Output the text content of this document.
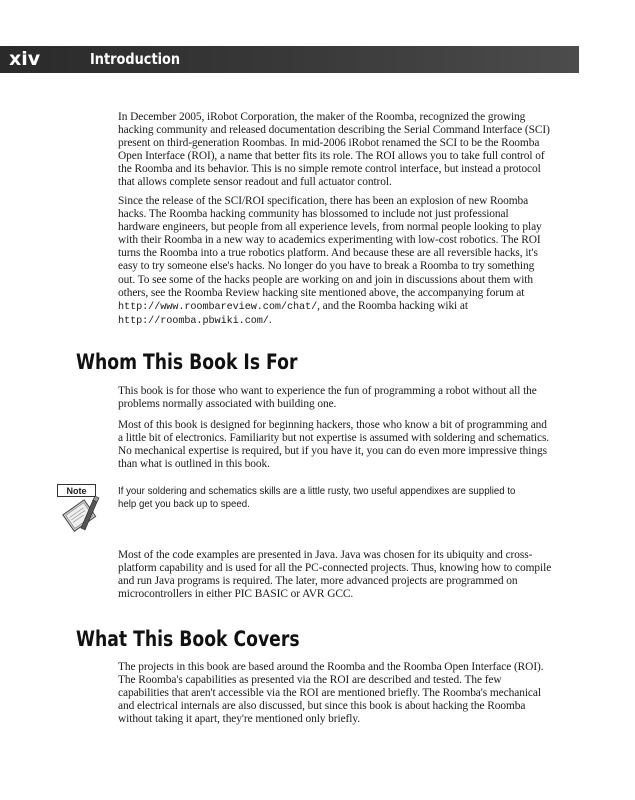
xiv	Introduction

In December 2005, iRobot Corporation, the maker of the Roomba, recognized the growing hacking community and released documentation describing the Serial Command Interface (SCI) present on third-generation Roombas. In mid-2006 iRobot renamed the SCI to be the Roomba Open Interface (ROI), a name that better fits its role. The ROI allows you to take full control of the Roomba and its behavior. This is no simple remote control interface, but instead a protocol that allows complete sensor readout and full actuator control.

Since the release of the SCI/ROI specification, there has been an explosion of new Roomba hacks. The Roomba hacking community has blossomed to include not just professional hardware engineers, but people from all experience levels, from normal people looking to play with their Roomba in a new way to academics experimenting with low-cost robotics. The ROI turns the Roomba into a true robotics platform. And because these are all reversible hacks, it's easy to try someone else's hacks. No longer do you have to break a Roomba to try something out. To see some of the hacks people are working on and join in discussions about them with others, see the Roomba Review hacking site mentioned above, the accompanying forum at http://www.roombareview.com/chat/, and the Roomba hacking wiki at http://roomba.pbwiki.com/.

Whom This Book Is For

This book is for those who want to experience the fun of programming a robot without all the problems normally associated with building one.

Most of this book is designed for beginning hackers, those who know a bit of programming and a little bit of electronics. Familiarity but not expertise is assumed with soldering and schematics. No mechanical expertise is required, but if you have it, you can do even more impressive things than what is outlined in this book.

Note	If your soldering and schematics skills are a little rusty, two useful appendixes are supplied to help get you back up to speed.

Most of the code examples are presented in Java. Java was chosen for its ubiquity and cross-platform capability and is used for all the PC-connected projects. Thus, knowing how to compile and run Java programs is required. The later, more advanced projects are programmed on microcontrollers in either PIC BASIC or AVR GCC.

What This Book Covers

The projects in this book are based around the Roomba and the Roomba Open Interface (ROI). The Roomba's capabilities as presented via the ROI are described and tested. The few capabilities that aren't accessible via the ROI are mentioned briefly. The Roomba's mechanical and electrical internals are also discussed, but since this book is about hacking the Roomba without taking it apart, they're mentioned only briefly.
